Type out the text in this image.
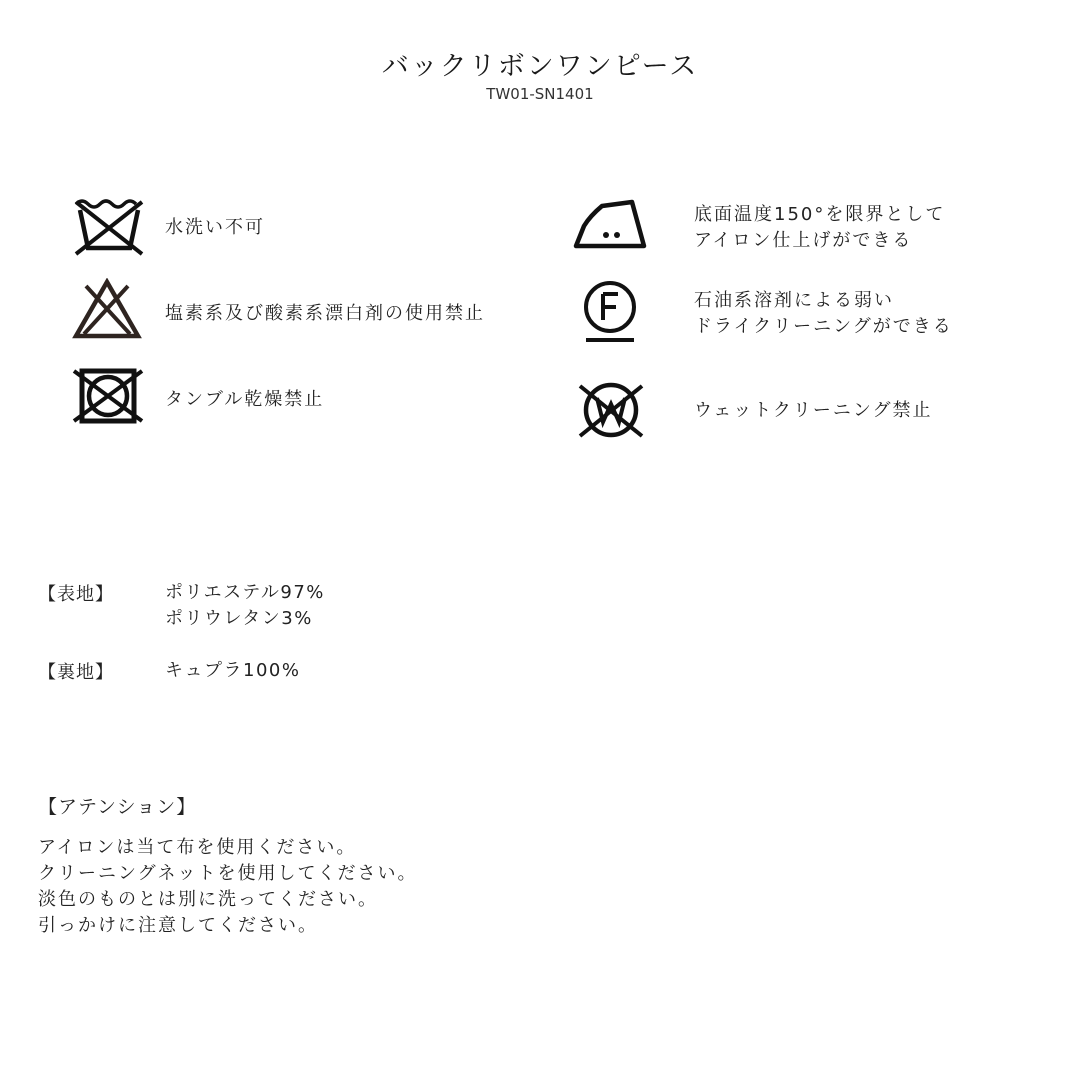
バックリボンワンピース
TW01-SN1401
水洗い不可
塩素系及び酸素系漂白剤の使用禁止
タンブル乾燥禁止
底面温度150°を限界として
アイロン仕上げができる
石油系溶剤による弱い
ドライクリーニングができる
ウェットクリーニング禁止
【表地】	ポリエステル97%
ポリウレタン3%
【裏地】	キュプラ100%
【アテンション】
アイロンは当て布を使用ください。
クリーニングネットを使用してください。
淡色のものとは別に洗ってください。
引っかけに注意してください。
